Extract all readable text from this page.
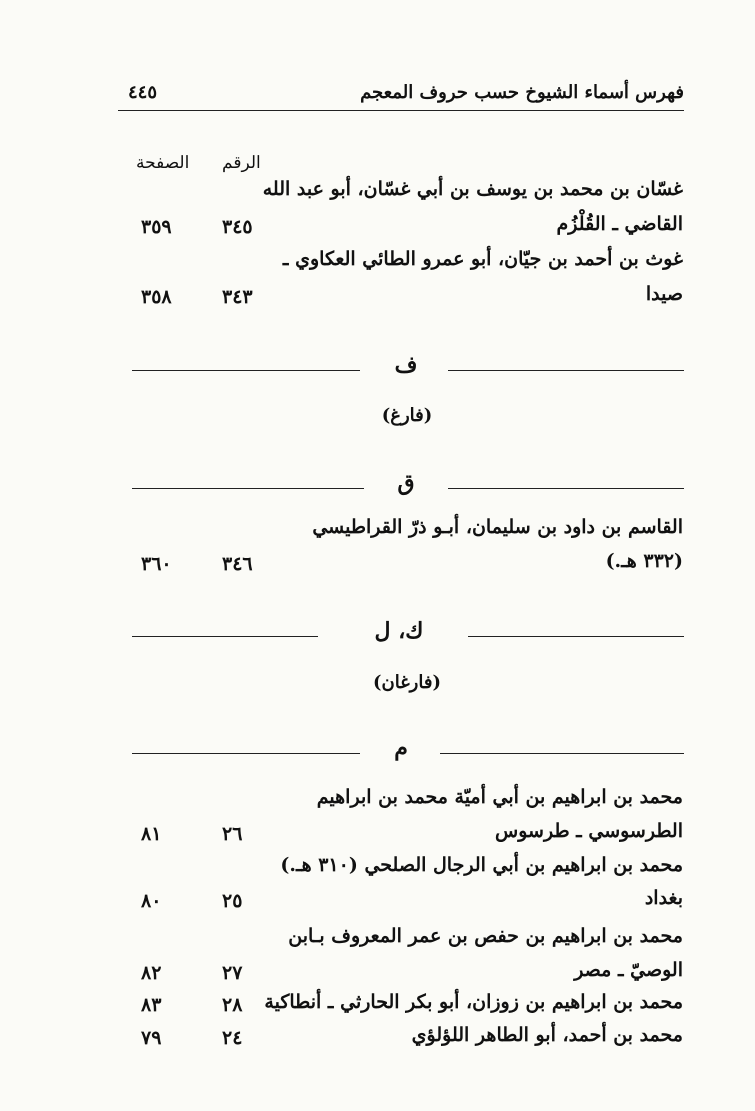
فهرس أسماء الشيوخ حسب حروف المعجم
٤٤٥
الصفحة الرقم
غسّان بن محمد بن يوسف بن أبي غسّان، أبو عبد الله
القاضي ـ القُلْزُم
٣٤٥
٣٥٩
غوث بن أحمد بن جيّان، أبو عمرو الطائي العكاوي ـ
صيدا
٣٤٣
٣٥٨
ف
(فارغ)
ق
القاسم بن داود بن سليمان، أبـو ذرّ القراطيسي
(٣٣٢ هـ.)
٣٤٦
٣٦٠
ك، ل
(فارغان)
م
محمد بن ابراهيم بن أبي أميّة محمد بن ابراهيم
الطرسوسي ـ طرسوس
٢٦
٨١
محمد بن ابراهيم بن أبي الرجال الصلحي (٣١٠ هـ.)
بغداد
٢٥
٨٠
محمد بن ابراهيم بن حفص بن عمر المعروف بـابن
الوصيّ ـ مصر
٢٧
٨٢
محمد بن ابراهيم بن زوزان، أبو بكر الحارثي ـ أنطاكية
٢٨
٨٣
محمد بن أحمد، أبو الطاهر اللؤلؤي
٢٤
٧٩
